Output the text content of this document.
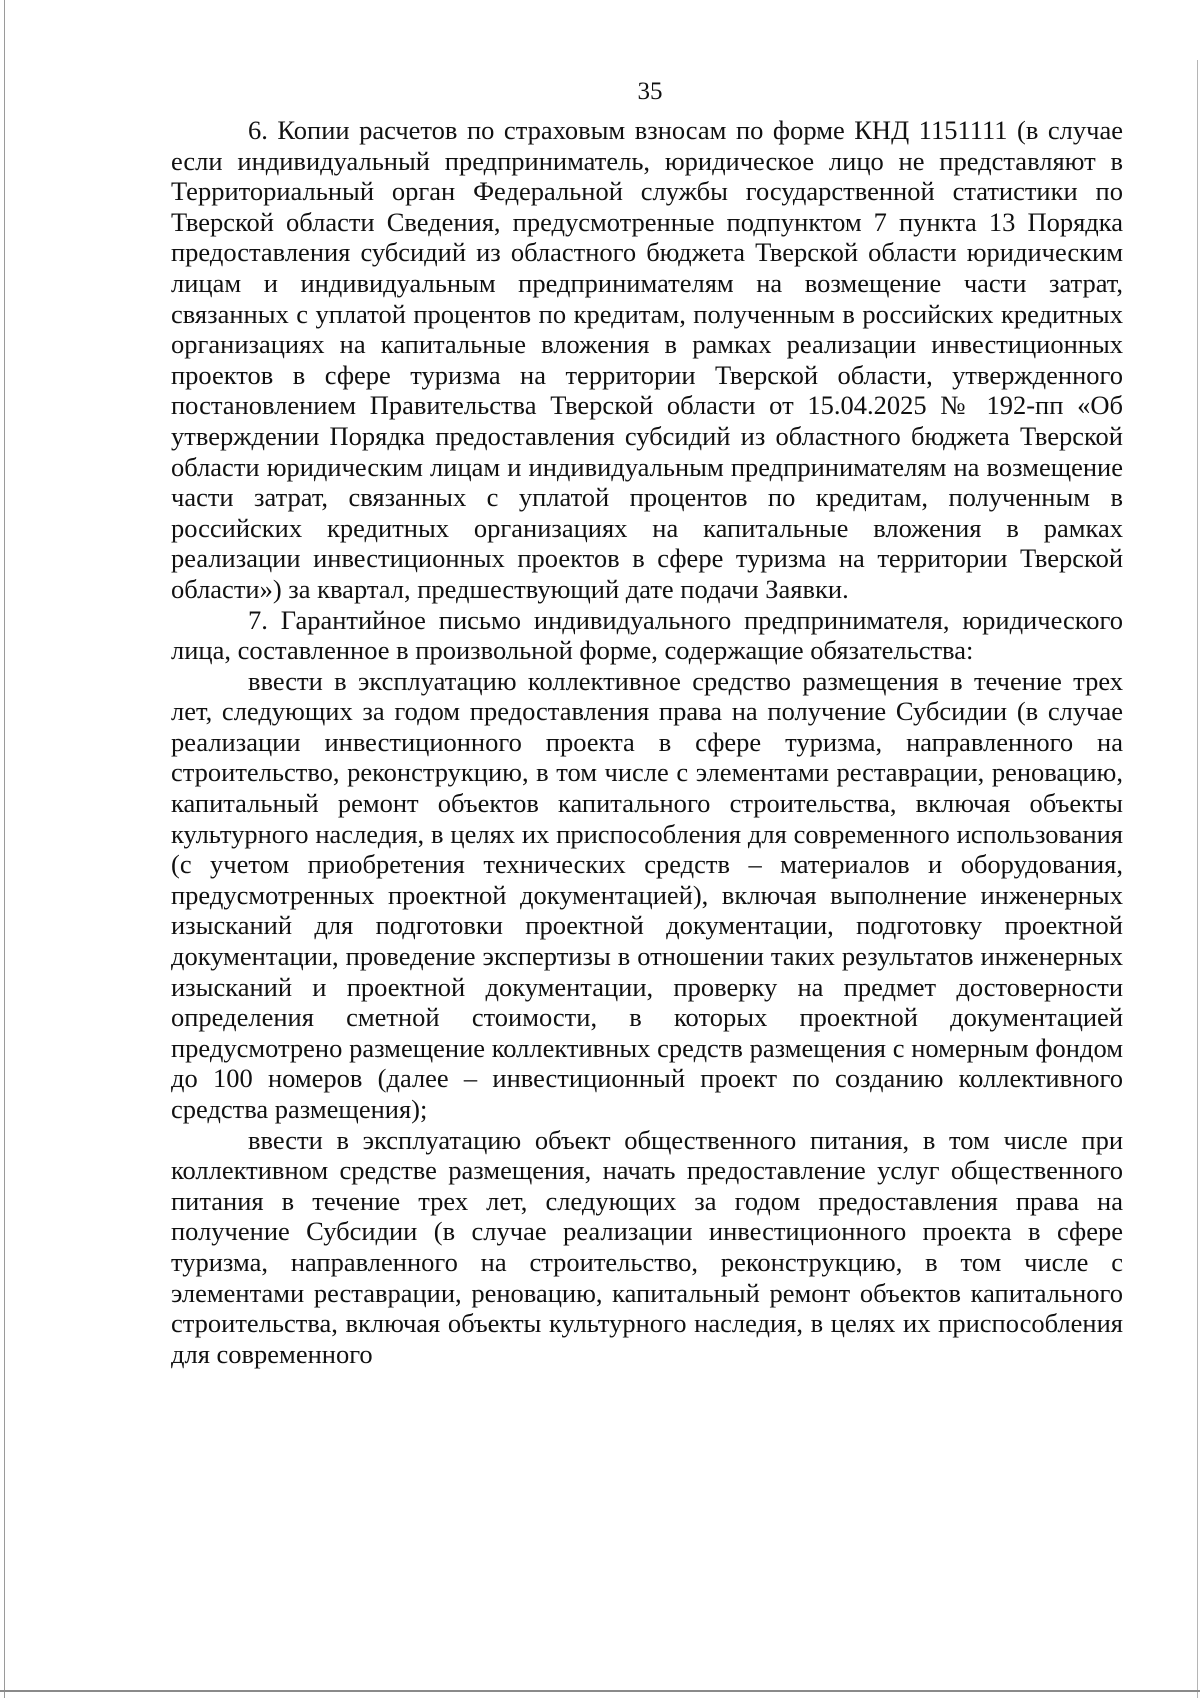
35

6. Копии расчетов по страховым взносам по форме КНД 1151111 (в случае если индивидуальный предприниматель, юридическое лицо не представляют в Территориальный орган Федеральной службы государственной статистики по Тверской области Сведения, предусмотренные подпунктом 7 пункта 13 Порядка предоставления субсидий из областного бюджета Тверской области юридическим лицам и индивидуальным предпринимателям на возмещение части затрат, связанных с уплатой процентов по кредитам, полученным в российских кредитных организациях на капитальные вложения в рамках реализации инвестиционных проектов в сфере туризма на территории Тверской области, утвержденного постановлением Правительства Тверской области от 15.04.2025 № 192-пп «Об утверждении Порядка предоставления субсидий из областного бюджета Тверской области юридическим лицам и индивидуальным предпринимателям на возмещение части затрат, связанных с уплатой процентов по кредитам, полученным в российских кредитных организациях на капитальные вложения в рамках реализации инвестиционных проектов в сфере туризма на территории Тверской области») за квартал, предшествующий дате подачи Заявки.

7. Гарантийное письмо индивидуального предпринимателя, юридического лица, составленное в произвольной форме, содержащие обязательства:

ввести в эксплуатацию коллективное средство размещения в течение трех лет, следующих за годом предоставления права на получение Субсидии (в случае реализации инвестиционного проекта в сфере туризма, направленного на строительство, реконструкцию, в том числе с элементами реставрации, реновацию, капитальный ремонт объектов капитального строительства, включая объекты культурного наследия, в целях их приспособления для современного использования (с учетом приобретения технических средств – материалов и оборудования, предусмотренных проектной документацией), включая выполнение инженерных изысканий для подготовки проектной документации, подготовку проектной документации, проведение экспертизы в отношении таких результатов инженерных изысканий и проектной документации, проверку на предмет достоверности определения сметной стоимости, в которых проектной документацией предусмотрено размещение коллективных средств размещения с номерным фондом до 100 номеров (далее – инвестиционный проект по созданию коллективного средства размещения);

ввести в эксплуатацию объект общественного питания, в том числе при коллективном средстве размещения, начать предоставление услуг общественного питания в течение трех лет, следующих за годом предоставления права на получение Субсидии (в случае реализации инвестиционного проекта в сфере туризма, направленного на строительство, реконструкцию, в том числе с элементами реставрации, реновацию, капитальный ремонт объектов капитального строительства, включая объекты культурного наследия, в целях их приспособления для современного
